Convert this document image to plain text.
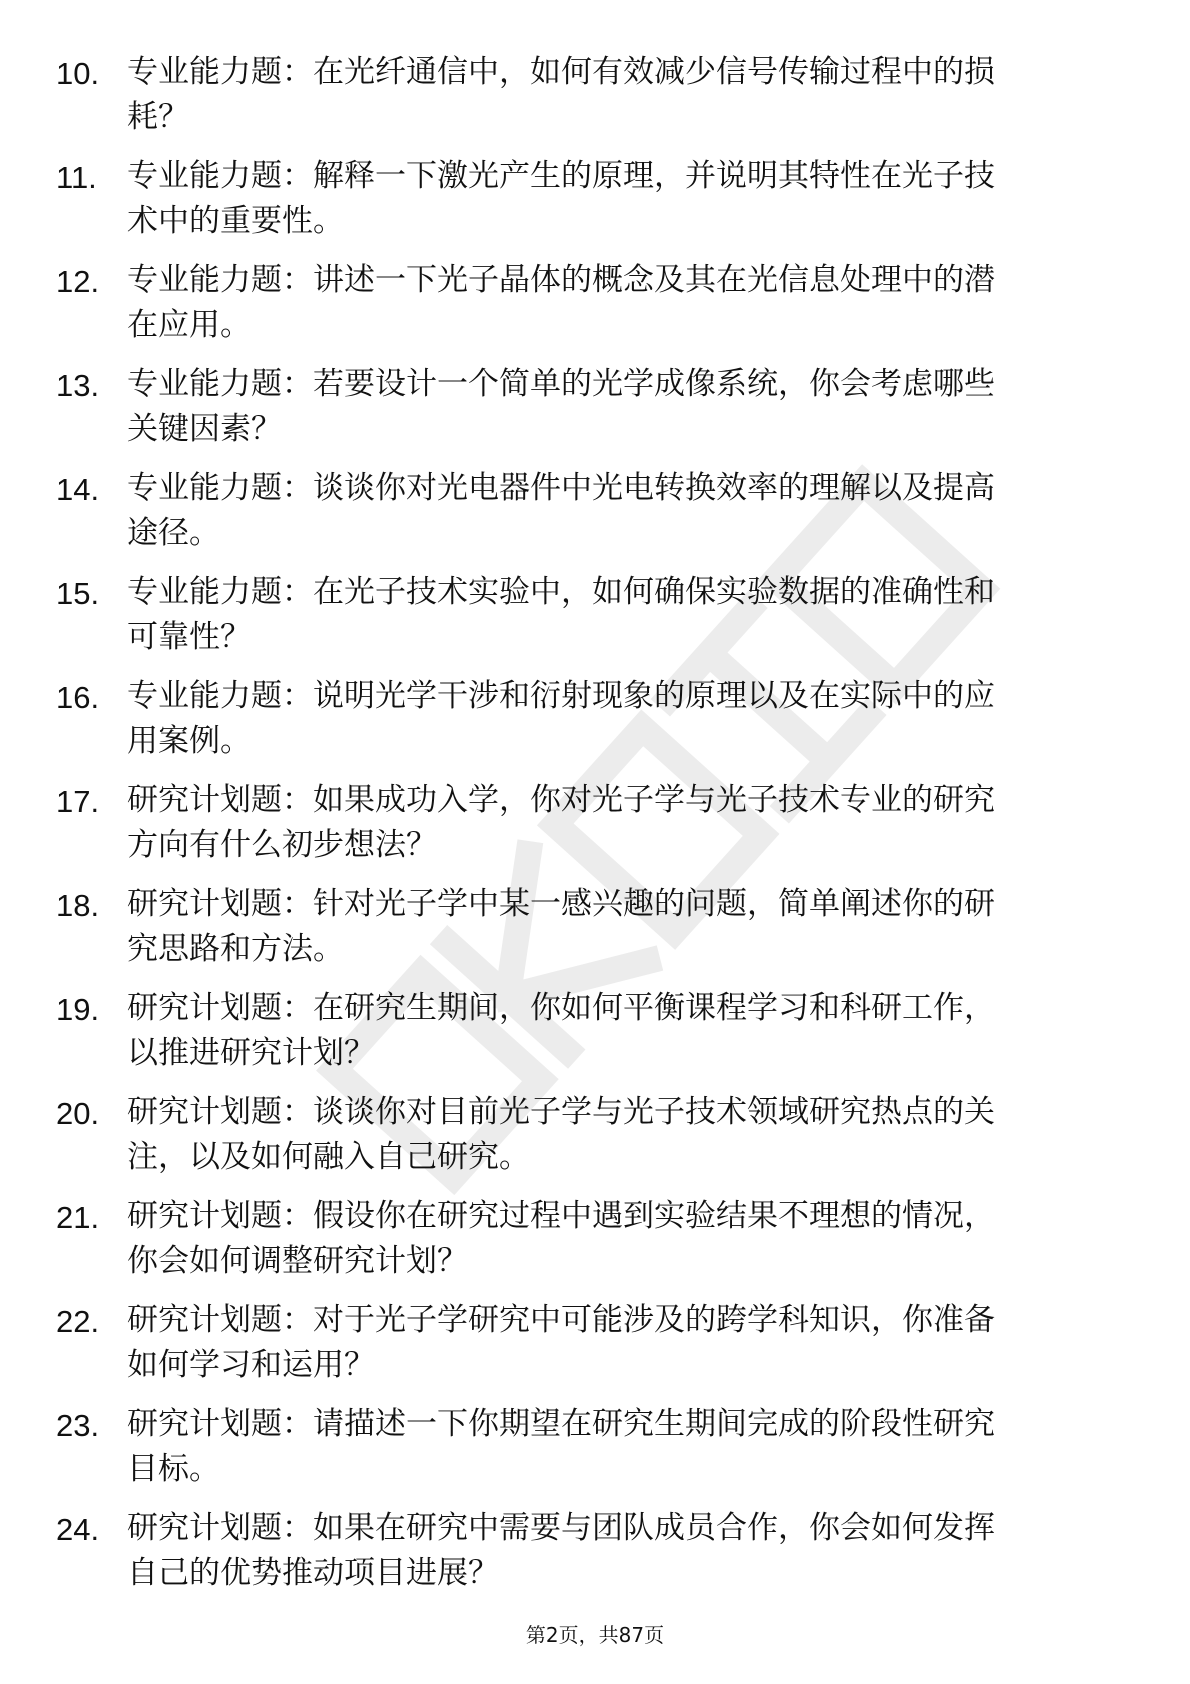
10. 专业能力题：在光纤通信中，如何有效减少信号传输过程中的损
耗？
11. 专业能力题：解释一下激光产生的原理，并说明其特性在光子技
术中的重要性。
12. 专业能力题：讲述一下光子晶体的概念及其在光信息处理中的潜
在应用。
13. 专业能力题：若要设计一个简单的光学成像系统，你会考虑哪些
关键因素？
14. 专业能力题：谈谈你对光电器件中光电转换效率的理解以及提高
途径。
15. 专业能力题：在光子技术实验中，如何确保实验数据的准确性和
可靠性？
16. 专业能力题：说明光学干涉和衍射现象的原理以及在实际中的应
用案例。
17. 研究计划题：如果成功入学，你对光子学与光子技术专业的研究
方向有什么初步想法？
18. 研究计划题：针对光子学中某一感兴趣的问题，简单阐述你的研
究思路和方法。
19. 研究计划题：在研究生期间，你如何平衡课程学习和科研工作，
以推进研究计划？
20. 研究计划题：谈谈你对目前光子学与光子技术领域研究热点的关
注，以及如何融入自己研究。
21. 研究计划题：假设你在研究过程中遇到实验结果不理想的情况，
你会如何调整研究计划？
22. 研究计划题：对于光子学研究中可能涉及的跨学科知识，你准备
如何学习和运用？
23. 研究计划题：请描述一下你期望在研究生期间完成的阶段性研究
目标。
24. 研究计划题：如果在研究中需要与团队成员合作，你会如何发挥
自己的优势推动项目进展？
第2页，共87页
